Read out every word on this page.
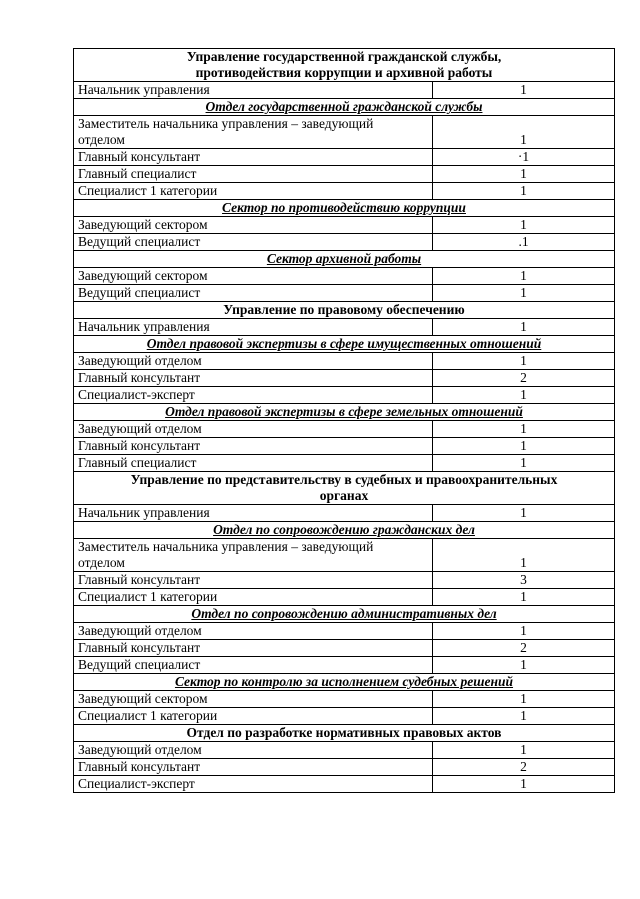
Управление государственной гражданской службы,
противодействия коррупции и архивной работы	
Начальник управления	1
Отдел государственной гражданской службы	
Заместитель начальника управления – заведующий
отделом	1
Главный консультант	·1
Главный специалист	1
Специалист 1 категории	1
Сектор по противодействию коррупции	
Заведующий сектором	1
Ведущий специалист	.1
Сектор архивной работы	
Заведующий сектором	1
Ведущий специалист	1
Управление по правовому обеспечению	
Начальник управления	1
Отдел правовой экспертизы в сфере имущественных отношений	
Заведующий отделом	1
Главный консультант	2
Специалист-эксперт	1
Отдел правовой экспертизы в сфере земельных отношений	
Заведующий отделом	1
Главный консультант	1
Главный специалист	1
Управление по представительству в судебных и правоохранительных
органах	
Начальник управления	1
Отдел по сопровождению гражданских дел	
Заместитель начальника управления – заведующий
отделом	1
Главный консультант	3
Специалист 1 категории	1
Отдел по сопровождению административных дел	
Заведующий отделом	1
Главный консультант	2
Ведущий специалист	1
Сектор по контролю за исполнением судебных решений	
Заведующий сектором	1
Специалист 1 категории	1
Отдел по разработке нормативных правовых актов	
Заведующий отделом	1
Главный консультант	2
Специалист-эксперт	1
